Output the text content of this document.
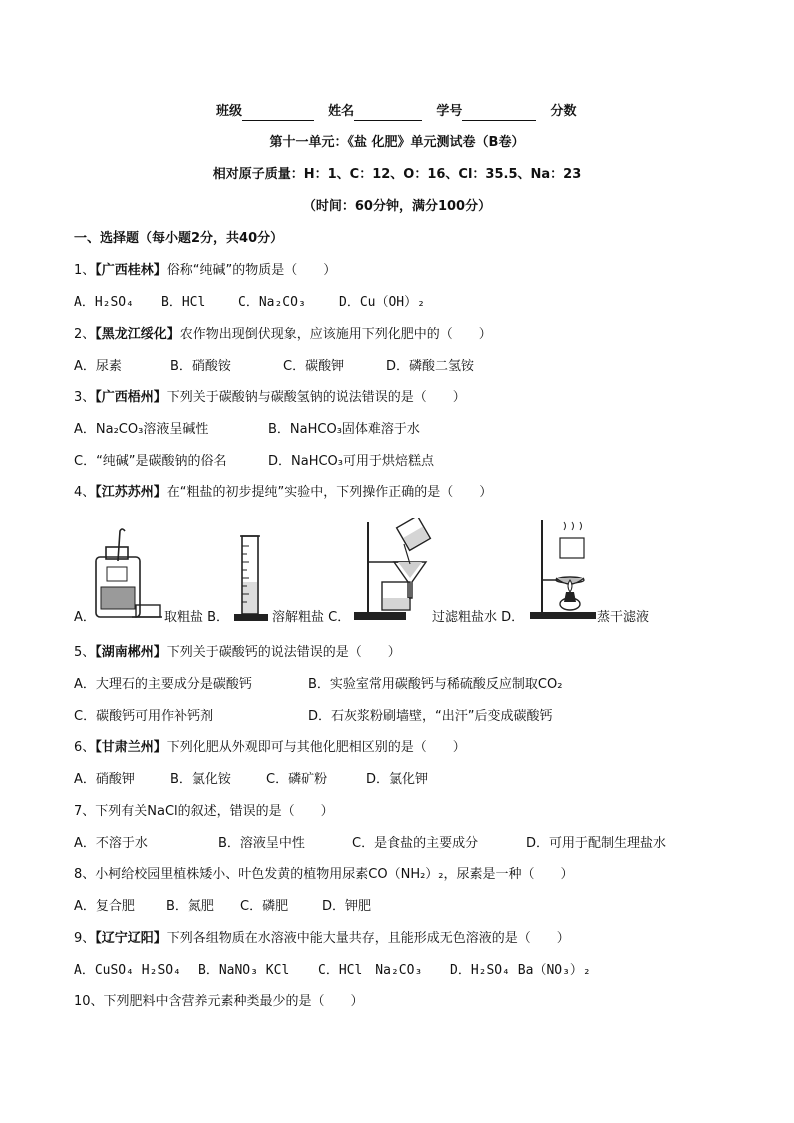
班级	姓名	学号	分数
第十一单元：《盐 化肥》单元测试卷（B卷）
相对原子质量：H：1、C：12、O：16、Cl：35.5、Na：23
（时间：60分钟，满分100分）
一、选择题（每小题2分，共40分）
1、【广西桂林】俗称“纯碱”的物质是（　　）
A．H₂SO₄ B．HCl	C．Na₂CO₃	D．Cu（OH）₂
2、【黑龙江绥化】农作物出现倒伏现象，应该施用下列化肥中的（　　）
A．尿素	B．硝酸铵	C．碳酸钾	D．磷酸二氢铵
3、【广西梧州】下列关于碳酸钠与碳酸氢钠的说法错误的是（　　）
A．Na₂CO₃溶液呈碱性	B．NaHCO₃固体难溶于水
C．“纯碱”是碳酸钠的俗名	D．NaHCO₃可用于烘焙糕点
4、【江苏苏州】在“粗盐的初步提纯”实验中，下列操作正确的是（　　）
A．	取粗盐 B．	溶解粗盐 C．	过滤粗盐水 D．	蒸干滤液
5、【湖南郴州】下列关于碳酸钙的说法错误的是（　　）
A．大理石的主要成分是碳酸钙	B．实验室常用碳酸钙与稀硫酸反应制取CO₂
C．碳酸钙可用作补钙剂	D．石灰浆粉刷墙壁，“出汗”后变成碳酸钙
6、【甘肃兰州】下列化肥从外观即可与其他化肥相区别的是（　　）
A．硝酸钾	B．氯化铵	C．磷矿粉	D．氯化钾
7、下列有关NaCl的叙述，错误的是（　　）
A．不溶于水	B．溶液呈中性	C．是食盐的主要成分	D．可用于配制生理盐水
8、小柯给校园里植株矮小、叶色发黄的植物用尿素CO（NH₂）₂，尿素是一种（　　）
A．复合肥 B．氮肥 C．磷肥	D．钾肥
9、【辽宁辽阳】下列各组物质在水溶液中能大量共存，且能形成无色溶液的是（　　）
A．CuSO₄ H₂SO₄ B．NaNO₃ KCl C．HCl　Na₂CO₃ D．H₂SO₄ Ba（NO₃）₂
10、下列肥料中含营养元素种类最少的是（　　）
